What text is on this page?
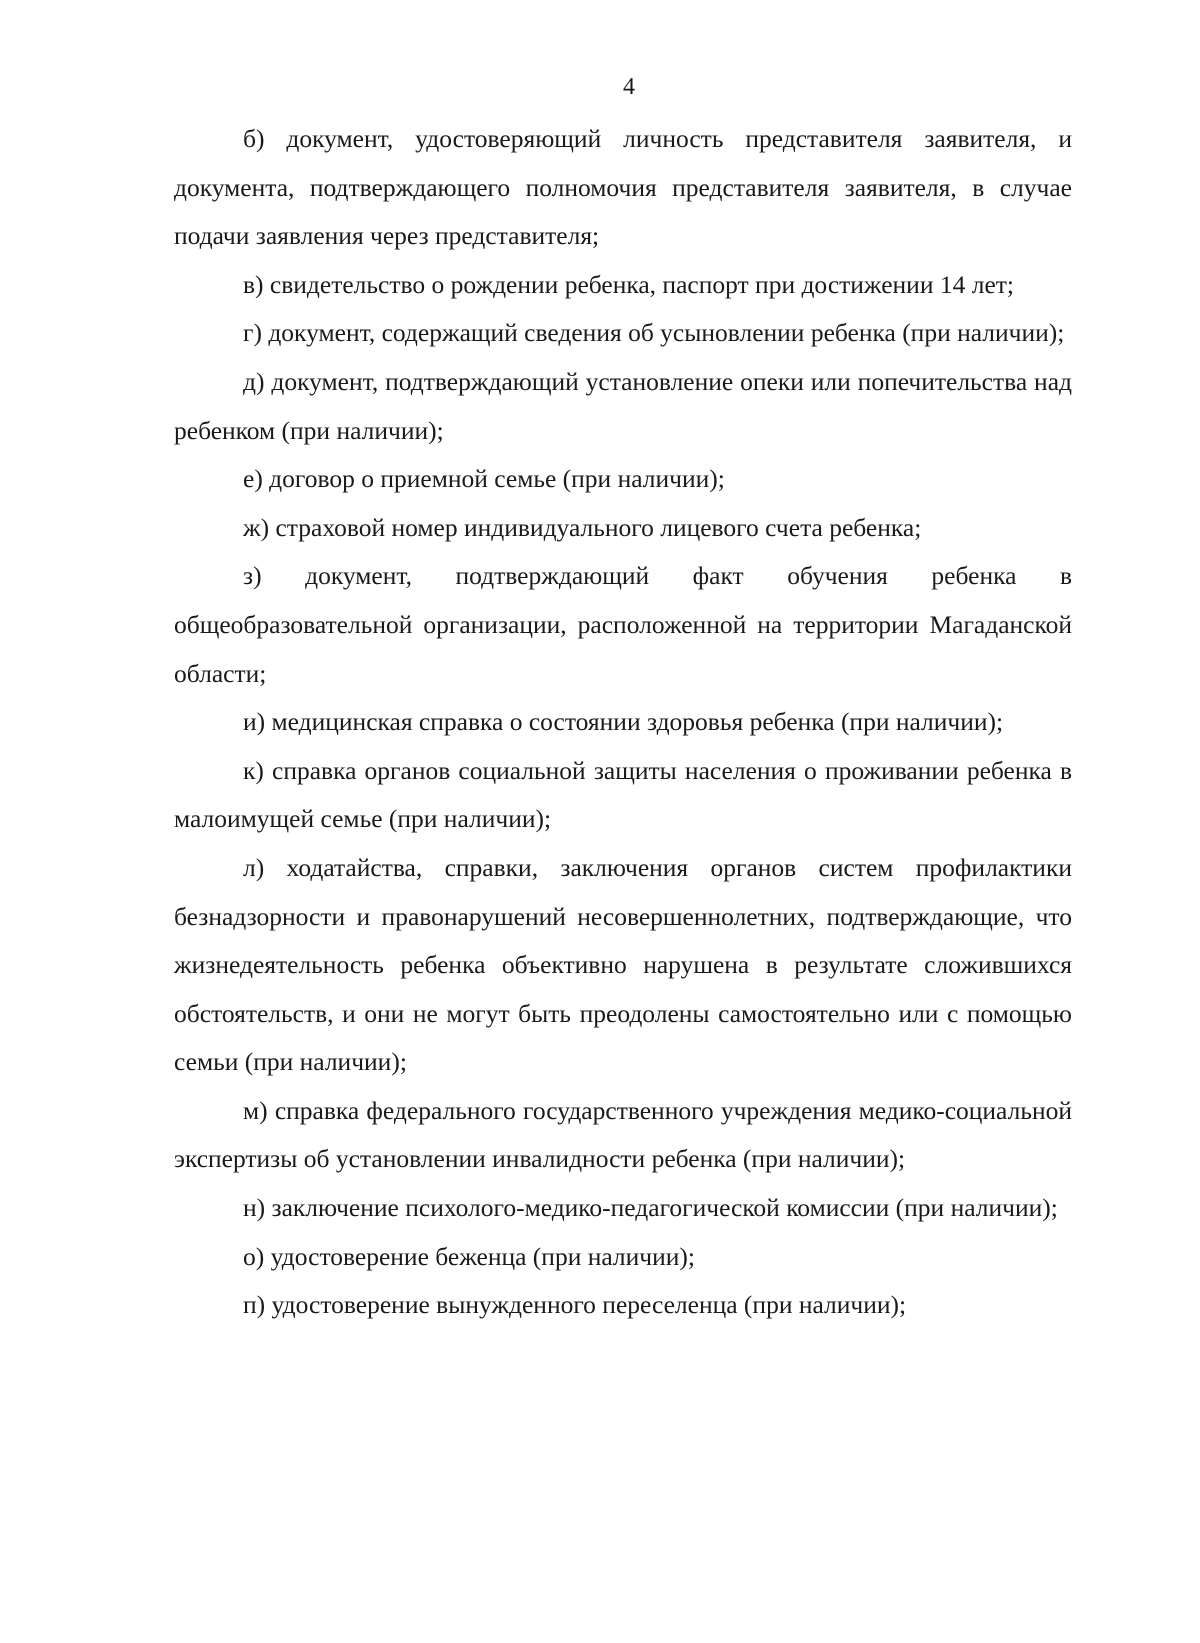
4

б) документ, удостоверяющий личность представителя заявителя, и документа, подтверждающего полномочия представителя заявителя, в случае подачи заявления через представителя;

в) свидетельство о рождении ребенка, паспорт при достижении 14 лет;

г) документ, содержащий сведения об усыновлении ребенка (при наличии);

д) документ, подтверждающий установление опеки или попечительства над ребенком (при наличии);

е) договор о приемной семье (при наличии);

ж) страховой номер индивидуального лицевого счета ребенка;

з) документ, подтверждающий факт обучения ребенка в общеобразовательной организации, расположенной на территории Магаданской области;

и) медицинская справка о состоянии здоровья ребенка (при наличии);

к) справка органов социальной защиты населения о проживании ребенка в малоимущей семье (при наличии);

л) ходатайства, справки, заключения органов систем профилактики безнадзорности и правонарушений несовершеннолетних, подтверждающие, что жизнедеятельность ребенка объективно нарушена в результате сложившихся обстоятельств, и они не могут быть преодолены самостоятельно или с помощью семьи (при наличии);

м) справка федерального государственного учреждения медико-социальной экспертизы об установлении инвалидности ребенка (при наличии);

н) заключение психолого-медико-педагогической комиссии (при наличии);

о) удостоверение беженца (при наличии);

п) удостоверение вынужденного переселенца (при наличии);
